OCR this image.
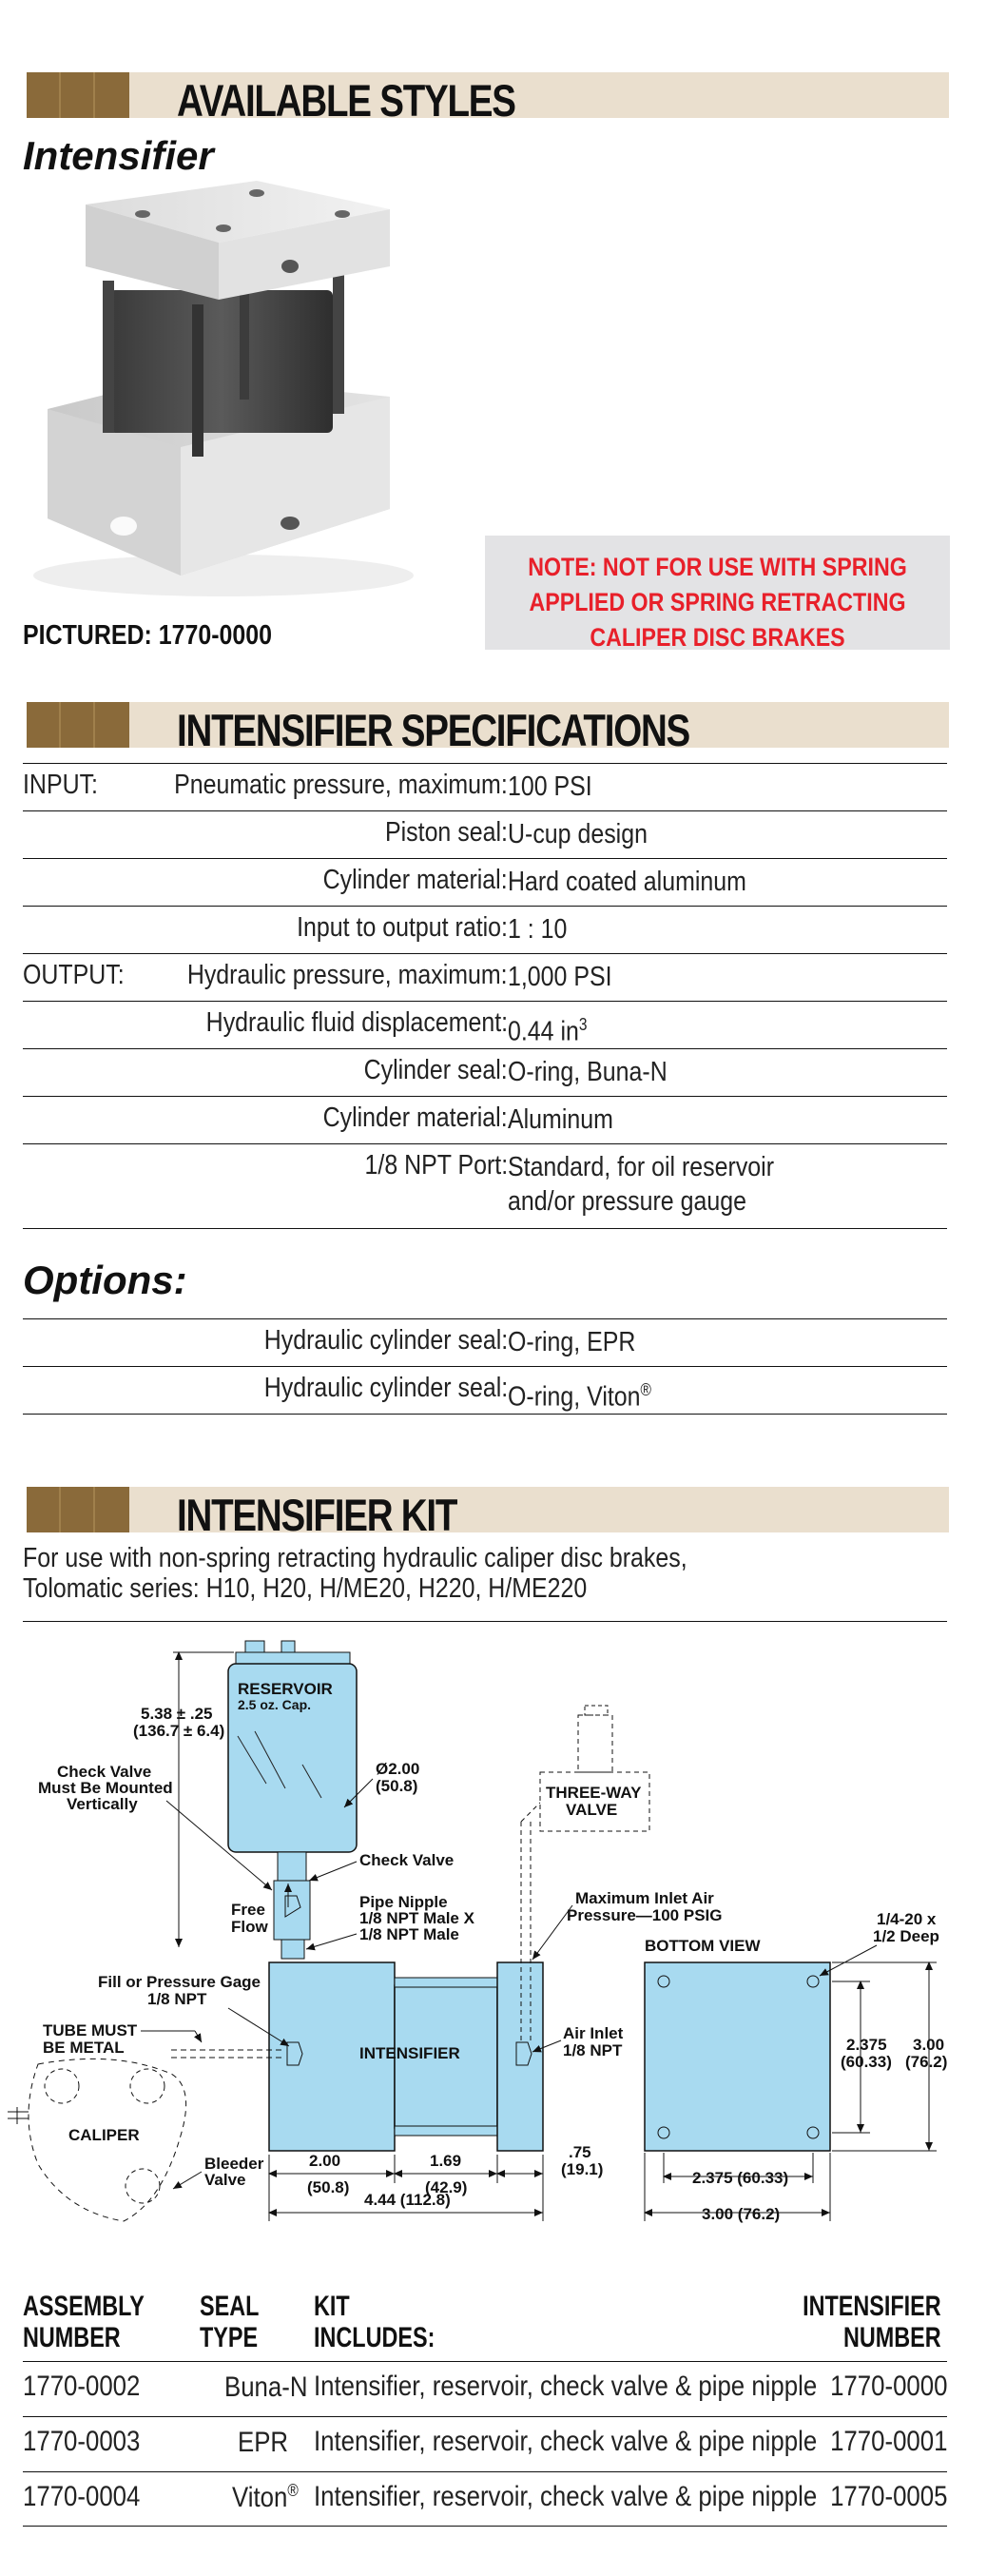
AVAILABLE STYLES
Intensifier
NOTE: NOT FOR USE WITH SPRING
APPLIED OR SPRING RETRACTING
CALIPER DISC BRAKES
PICTURED: 1770-0000
INTENSIFIER SPECIFICATIONS
INPUT:	Pneumatic pressure, maximum: 100 PSI
Piston seal: U-cup design
Cylinder material: Hard coated aluminum
Input to output ratio: 1 : 10
OUTPUT: Hydraulic pressure, maximum: 1,000 PSI
Hydraulic fluid displacement: 0.44 $in^3$
Cylinder seal: O-ring, Buna-N
Cylinder material: Aluminum
1/8 NPT Port: Standard, for oil reservoir and/or pressure gauge
Options:
Hydraulic cylinder seal: O-ring, EPR
Hydraulic cylinder seal: O-ring, Viton®
INTENSIFIER KIT
For use with non-spring retracting hydraulic caliper disc brakes,
Tolomatic series: H10, H20, H/ME20, H220, H/ME220
RESERVOIR
2.5 oz. Cap.
Ø2.00
(50.8)
5.38 ± .25
(136.7 ± 6.4)
Check Valve
Must Be Mounted
Vertically
Check Valve
Free
Flow
Pipe Nipple
1/8 NPT Male X
1/8 NPT Male
INTENSIFIER
THREE-WAY
VALVE
Maximum Inlet Air
Pressure—100 PSIG
Air Inlet
1/8 NPT
Fill or Pressure Gage
1/8 NPT
TUBE MUST
BE METAL
CALIPER
Bleeder
Valve
2.00
(50.8)
1.69
(42.9)
.75
(19.1)
4.44 (112.8)
BOTTOM VIEW
1/4-20 x
1/2 Deep
2.375
(60.33)
3.00
(76.2)
2.375 (60.33)
3.00 (76.2)
ASSEMBLY
NUMBER
SEAL
TYPE
KIT
INCLUDES:
INTENSIFIER
NUMBER
1770-0002	Buna-N Intensifier, reservoir, check valve & pipe nipple 1770-0000
1770-0003	EPR Intensifier, reservoir, check valve & pipe nipple 1770-0001
1770-0004	Viton® Intensifier, reservoir, check valve & pipe nipple 1770-0005
